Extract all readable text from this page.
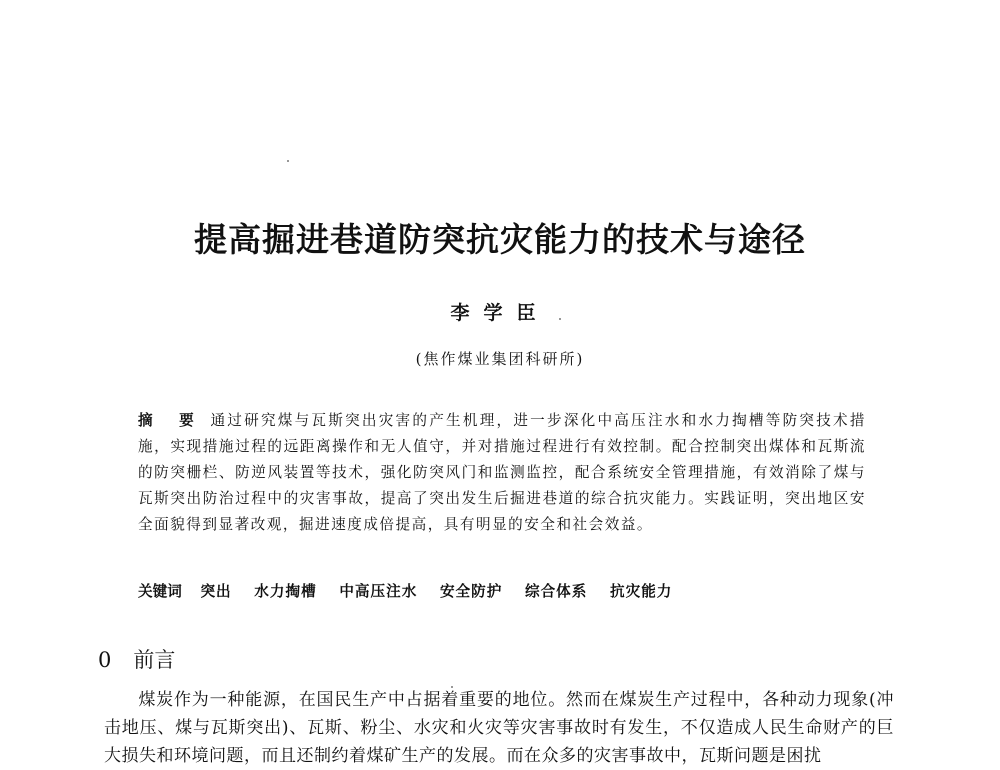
提高掘进巷道防突抗灾能力的技术与途径
李学臣
(焦作煤业集团科研所)
摘 要 通过研究煤与瓦斯突出灾害的产生机理，进一步深化中高压注水和水力掏槽等防突技术措施，实现措施过程的远距离操作和无人值守，并对措施过程进行有效控制。配合控制突出煤体和瓦斯流的防突栅栏、防逆风装置等技术，强化防突风门和监测监控，配合系统安全管理措施，有效消除了煤与瓦斯突出防治过程中的灾害事故，提高了突出发生后掘进巷道的综合抗灾能力。实践证明，突出地区安全面貌得到显著改观，掘进速度成倍提高，具有明显的安全和社会效益。
关键词 突出 水力掏槽 中高压注水 安全防护 综合体系 抗灾能力
0 前言
煤炭作为一种能源，在国民生产中占据着重要的地位。然而在煤炭生产过程中，各种动力现象(冲击地压、煤与瓦斯突出)、瓦斯、粉尘、水灾和火灾等灾害事故时有发生，不仅造成人民生命财产的巨大损失和环境问题，而且还制约着煤矿生产的发展。而在众多的灾害事故中，瓦斯问题是困扰
